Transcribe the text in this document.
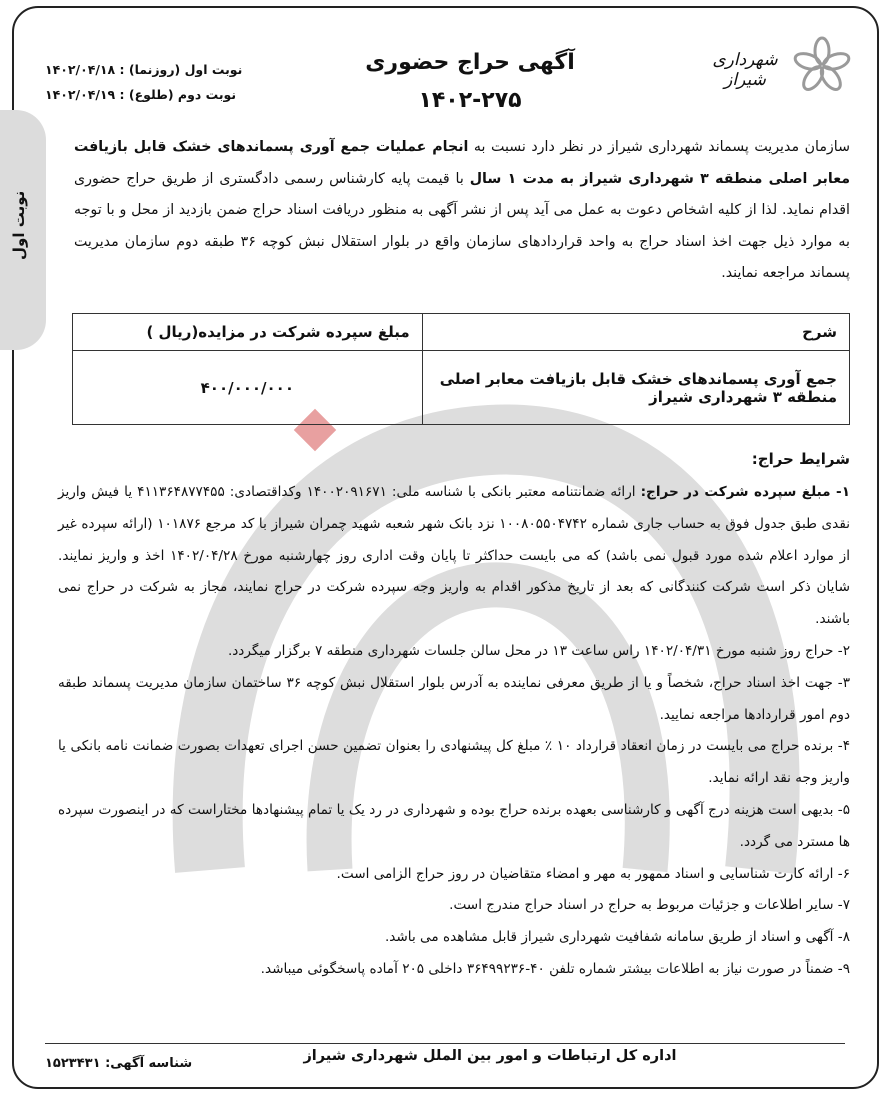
نوبت اول
شهرداری شیراز
آگهی حراج حضوری
۱۴۰۲-۲۷۵
نوبت اول (روزنما) : ۱۴۰۲/۰۴/۱۸
نوبت دوم (طلوع) : ۱۴۰۲/۰۴/۱۹
سازمان مدیریت پسماند شهرداری شیراز در نظر دارد نسبت به انجام عملیات جمع آوری پسماندهای خشک قابل بازیافت معابر اصلی منطقه ۳ شهرداری شیراز به مدت ۱ سال با قیمت پایه کارشناس رسمی دادگستری از طریق حراج حضوری اقدام نماید. لذا از کلیه اشخاص دعوت به عمل می آید پس از نشر آگهی به منظور دریافت اسناد حراج ضمن بازدید از محل و با توجه به موارد ذیل جهت اخذ اسناد حراج به واحد قراردادهای سازمان واقع در بلوار استقلال نبش کوچه ۳۶ طبقه دوم سازمان مدیریت پسماند مراجعه نمایند.
شرح	مبلغ سپرده شرکت در مزایده(ریال )
جمع آوری پسماندهای خشک قابل بازیافت معابر اصلی منطقه ۳ شهرداری شیراز	۴۰۰/۰۰۰/۰۰۰
شرایط حراج:

۱- مبلغ سپرده شرکت در حراج: ارائه ضمانتنامه معتبر بانکی با شناسه ملی: ۱۴۰۰۲۰۹۱۶۷۱ وکداقتصادی: ۴۱۱۳۶۴۸۷۷۴۵۵ یا فیش واریز نقدی طبق جدول فوق به حساب جاری شماره ۱۰۰۸۰۵۵۰۴۷۴۲ نزد بانک شهر شعبه شهید چمران شیراز با کد مرجع ۱۰۱۸۷۶ (ارائه سپرده غیر از موارد اعلام شده مورد قبول نمی باشد) که می بایست حداکثر تا پایان وقت اداری روز چهارشنبه مورخ ۱۴۰۲/۰۴/۲۸ اخذ و واریز نمایند. شایان ذکر است شرکت کنندگانی که بعد از تاریخ مذکور اقدام به واریز وجه سپرده شرکت در حراج نمایند، مجاز به شرکت در حراج نمی باشند.

۲- حراج روز شنبه مورخ ۱۴۰۲/۰۴/۳۱ راس ساعت ۱۳ در محل سالن جلسات شهرداری منطقه ۷ برگزار میگردد.

۳- جهت اخذ اسناد حراج، شخصاً و یا از طریق معرفی نماینده به آدرس بلوار استقلال نبش کوچه ۳۶ ساختمان سازمان مدیریت پسماند طبقه دوم امور قراردادها مراجعه نمایید.

۴- برنده حراج می بایست در زمان انعقاد قرارداد ۱۰ ٪ مبلغ کل پیشنهادی را بعنوان تضمین حسن اجرای تعهدات بصورت ضمانت نامه بانکی یا واریز وجه نقد ارائه نماید.

۵- بدیهی است هزینه درج آگهی و کارشناسی بعهده برنده حراج بوده و شهرداری در رد یک یا تمام پیشنهادها مختاراست که در اینصورت سپرده ها مسترد می گردد.

۶- ارائه کارت شناسایی و اسناد ممهور به مهر و امضاء متقاضیان در روز حراج الزامی است.

۷- سایر اطلاعات و جزئیات مربوط به حراج در اسناد حراج مندرج است.

۸- آگهی و اسناد از طریق سامانه شفافیت شهرداری شیراز قابل مشاهده می باشد.

۹- ضمناً در صورت نیاز به اطلاعات بیشتر شماره تلفن ۴۰-۳۶۴۹۹۲۳۶ داخلی ۲۰۵ آماده پاسخگوئی میباشد.

اداره کل ارتباطات و امور بین الملل شهرداری شیراز
شناسه آگهی: ۱۵۲۳۴۳۱
